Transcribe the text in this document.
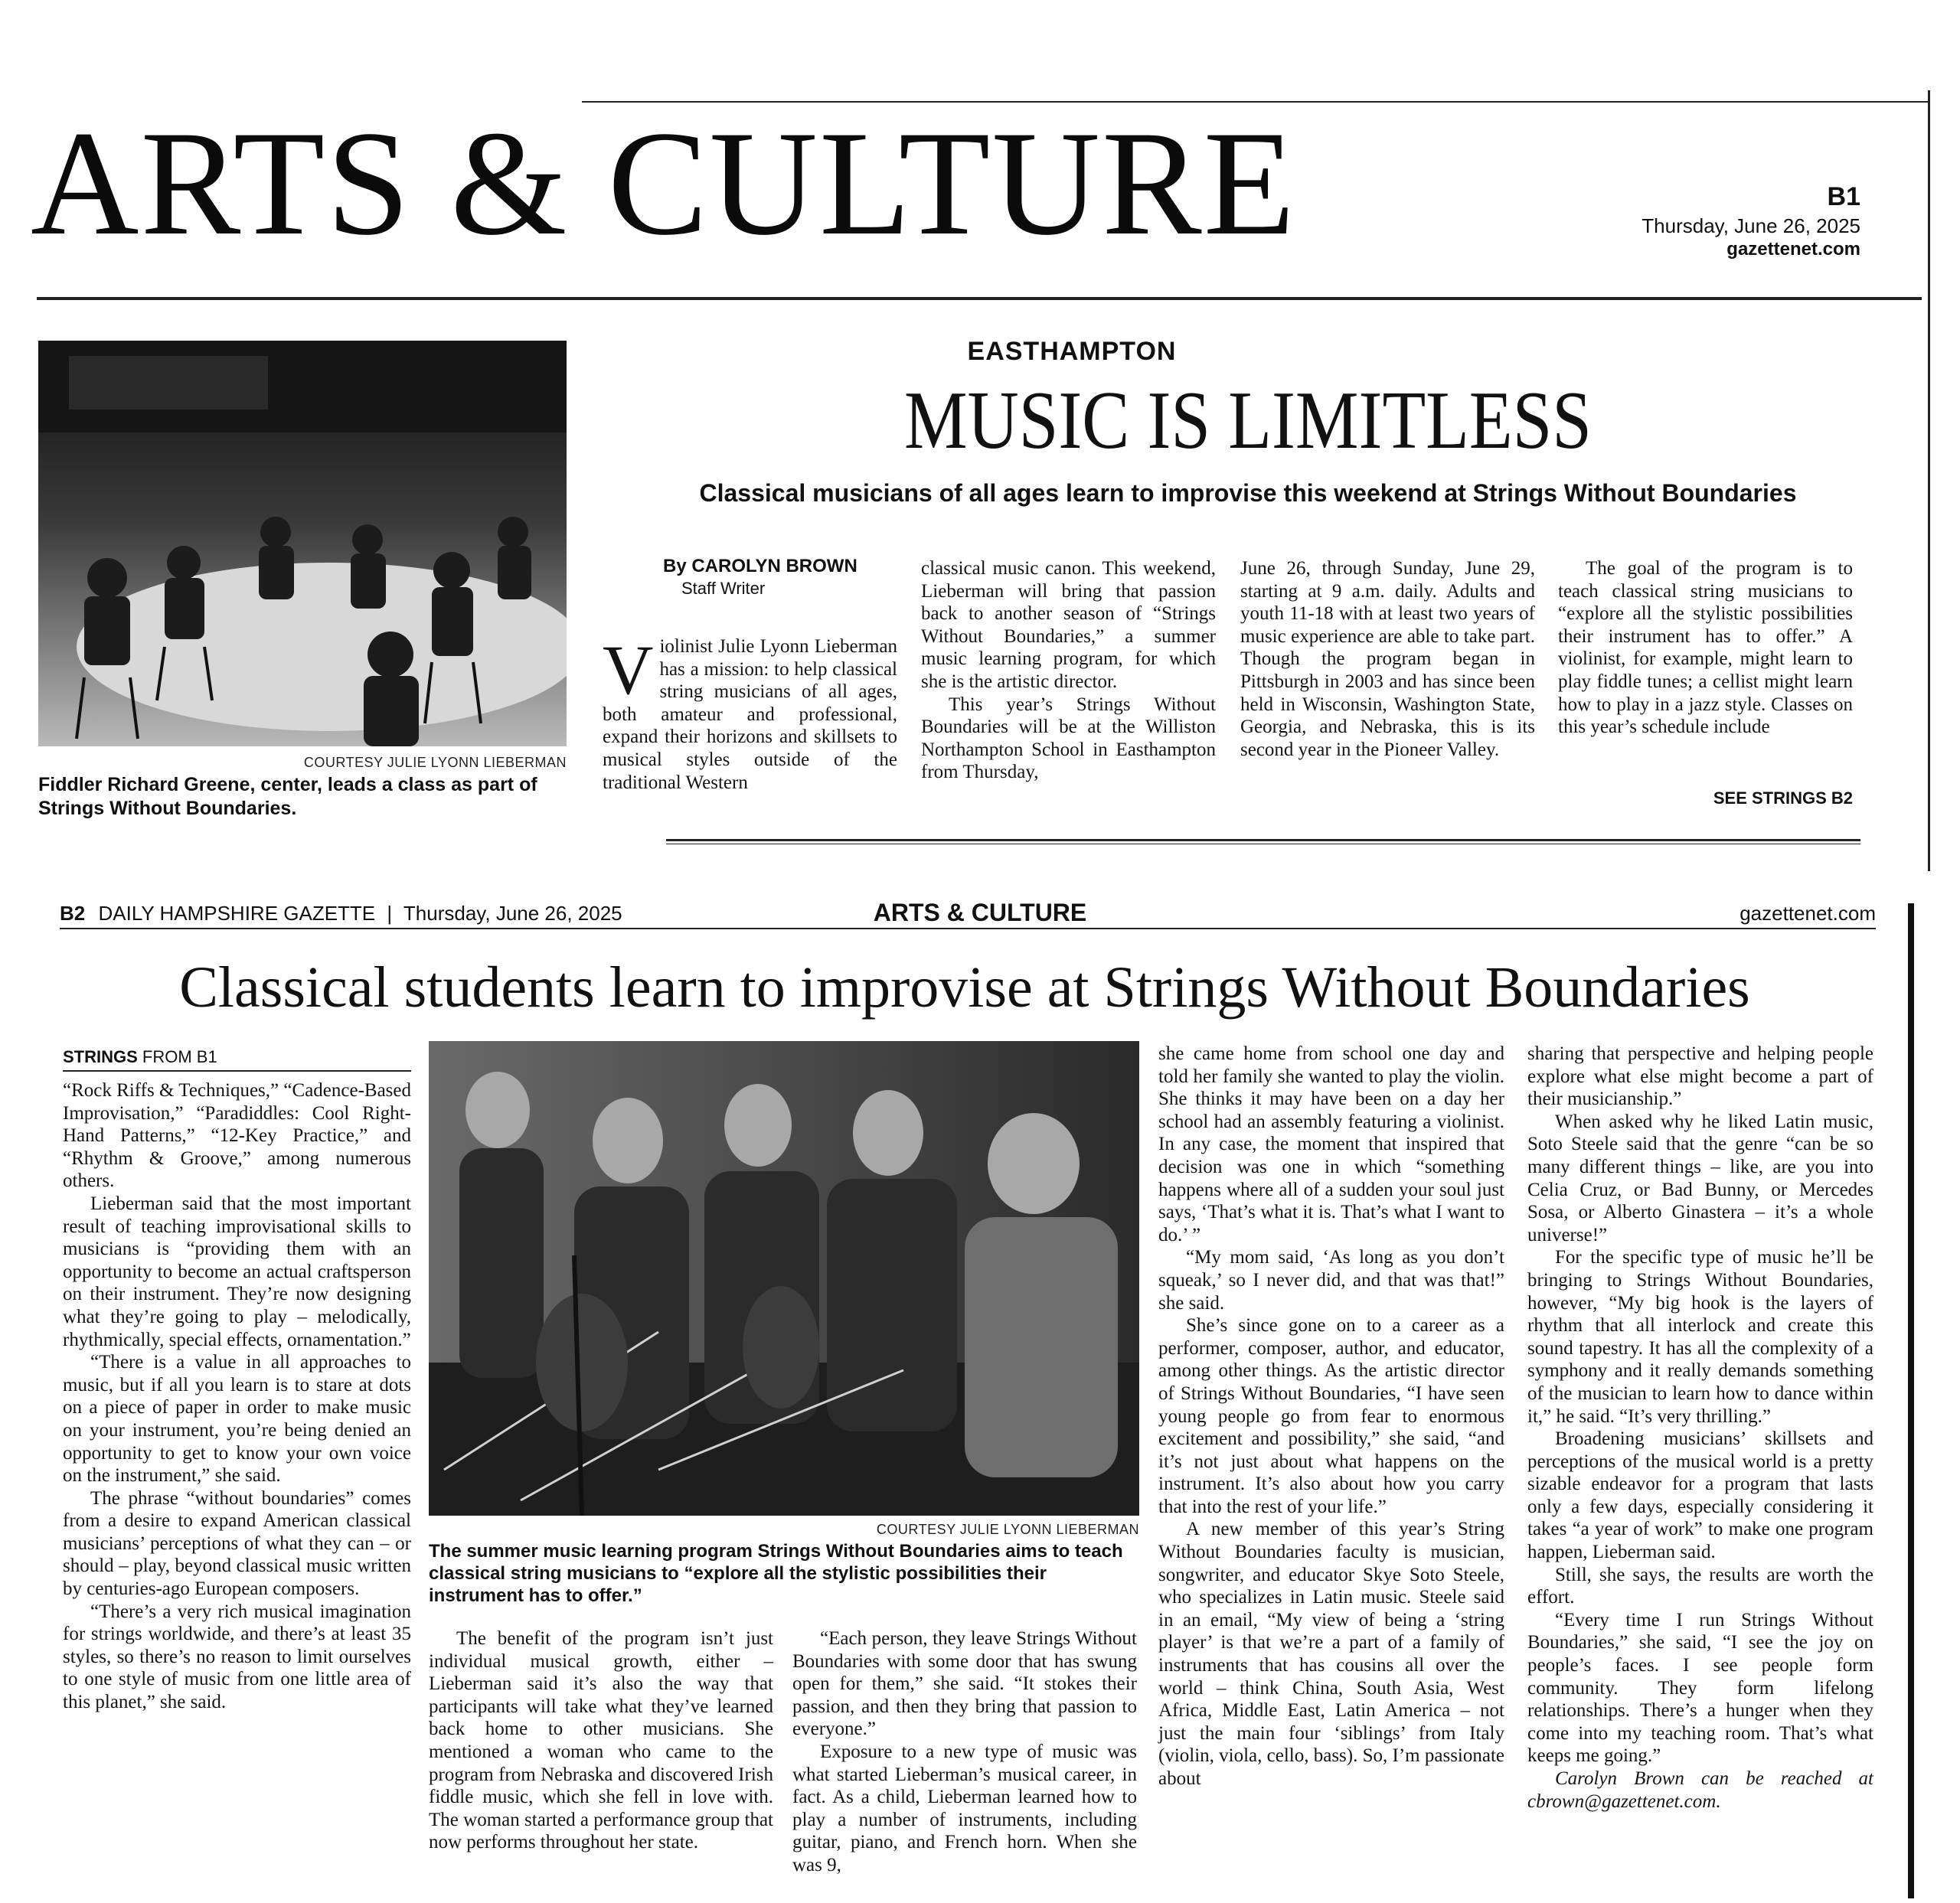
ARTS & CULTURE	B1
Thursday, June 26, 2025
gazettenet.com
COURTESY JULIE LYONN LIEBERMAN
Fiddler Richard Greene, center, leads a class as part of Strings Without Boundaries.
EASTHAMPTON
MUSIC IS LIMITLESS
Classical musicians of all ages learn to improvise this weekend at Strings Without Boundaries
By CAROLYN BROWN
Staff Writer

Violinist Julie Lyonn Lieberman has a mission: to help classical string musicians of all ages, both amateur and professional, expand their horizons and skillsets to musical styles outside of the traditional Western

classical music canon. This weekend, Lieberman will bring that passion back to another season of “Strings Without Boundaries,” a summer music learning program, for which she is the artistic director.

This year’s Strings Without Boundaries will be at the Williston Northampton School in Easthampton from Thursday,

June 26, through Sunday, June 29, starting at 9 a.m. daily. Adults and youth 11-18 with at least two years of music experience are able to take part. Though the program began in Pittsburgh in 2003 and has since been held in Wisconsin, Washington State, Georgia, and Nebraska, this is its second year in the Pioneer Valley.

The goal of the program is to teach classical string musicians to “explore all the stylistic possibilities their instrument has to offer.” A violinist, for example, might learn to play fiddle tunes; a cellist might learn how to play in a jazz style. Classes on this year’s schedule include

SEE STRINGS B2
B2 DAILY HAMPSHIRE GAZETTE | Thursday, June 26, 2025	ARTS & CULTURE	gazettenet.com
Classical students learn to improvise at Strings Without Boundaries
STRINGS FROM B1
COURTESY JULIE LYONN LIEBERMAN
The summer music learning program Strings Without Boundaries aims to teach classical string musicians to “explore all the stylistic possibilities their instrument has to offer.”

“Rock Riffs & Techniques,” “Cadence-Based Improvisation,” “Paradiddles: Cool Right-Hand Patterns,” “12-Key Practice,” and “Rhythm & Groove,” among numerous others.

Lieberman said that the most important result of teaching improvisational skills to musicians is “providing them with an opportunity to become an actual craftsperson on their instrument. They’re now designing what they’re going to play – melodically, rhythmically, special effects, ornamentation.”

“There is a value in all approaches to music, but if all you learn is to stare at dots on a piece of paper in order to make music on your instrument, you’re being denied an opportunity to get to know your own voice on the instrument,” she said.

The phrase “without boundaries” comes from a desire to expand American classical musicians’ perceptions of what they can – or should – play, beyond classical music written by centuries-ago European composers.

“There’s a very rich musical imagination for strings worldwide, and there’s at least 35 styles, so there’s no reason to limit ourselves to one style of music from one little area of this planet,” she said.

The benefit of the program isn’t just individual musical growth, either – Lieberman said it’s also the way that participants will take what they’ve learned back home to other musicians. She mentioned a woman who came to the program from Nebraska and discovered Irish fiddle music, which she fell in love with. The woman started a performance group that now performs throughout her state.

“Each person, they leave Strings Without Boundaries with some door that has swung open for them,” she said. “It stokes their passion, and then they bring that passion to everyone.”

Exposure to a new type of music was what started Lieberman’s musical career, in fact. As a child, Lieberman learned how to play a number of instruments, including guitar, piano, and French horn. When she was 9,

she came home from school one day and told her family she wanted to play the violin. She thinks it may have been on a day her school had an assembly featuring a violinist. In any case, the moment that inspired that decision was one in which “something happens where all of a sudden your soul just says, ‘That’s what it is. That’s what I want to do.’ ”

“My mom said, ‘As long as you don’t squeak,’ so I never did, and that was that!” she said.

She’s since gone on to a career as a performer, composer, author, and educator, among other things. As the artistic director of Strings Without Boundaries, “I have seen young people go from fear to enormous excitement and possibility,” she said, “and it’s not just about what happens on the instrument. It’s also about how you carry that into the rest of your life.”

A new member of this year’s String Without Boundaries faculty is musician, songwriter, and educator Skye Soto Steele, who specializes in Latin music. Steele said in an email, “My view of being a ‘string player’ is that we’re a part of a family of instruments that has cousins all over the world – think China, South Asia, West Africa, Middle East, Latin America – not just the main four ‘siblings’ from Italy (violin, viola, cello, bass). So, I’m passionate about

sharing that perspective and helping people explore what else might become a part of their musicianship.”

When asked why he liked Latin music, Soto Steele said that the genre “can be so many different things – like, are you into Celia Cruz, or Bad Bunny, or Mercedes Sosa, or Alberto Ginastera – it’s a whole universe!”

For the specific type of music he’ll be bringing to Strings Without Boundaries, however, “My big hook is the layers of rhythm that all interlock and create this sound tapestry. It has all the complexity of a symphony and it really demands something of the musician to learn how to dance within it,” he said. “It’s very thrilling.”

Broadening musicians’ skillsets and perceptions of the musical world is a pretty sizable endeavor for a program that lasts only a few days, especially considering it takes “a year of work” to make one program happen, Lieberman said.

Still, she says, the results are worth the effort.

“Every time I run Strings Without Boundaries,” she said, “I see the joy on people’s faces. I see people form community. They form lifelong relationships. There’s a hunger when they come into my teaching room. That’s what keeps me going.”

Carolyn Brown can be reached at cbrown@gazettenet.com.
